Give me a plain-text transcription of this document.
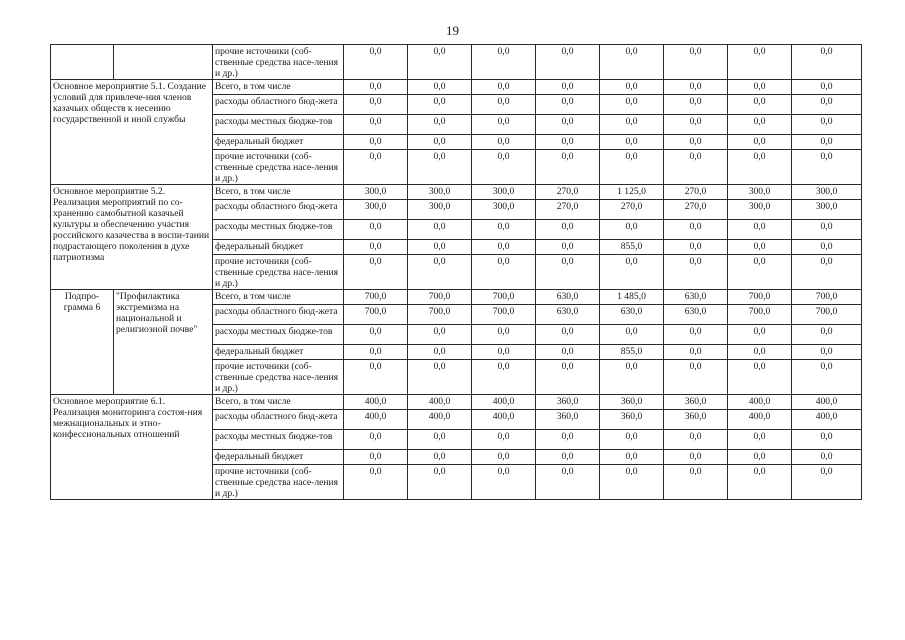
19
		прочие источники (соб-ственные средства насе-ления и др.)	0,0	0,0	0,0	0,0	0,0	0,0	0,0	0,0
Основное мероприятие 5.1. Создание условий для привлече-ния членов казачьих обществ к несению государственной и иной службы		Всего, в том числе	0,0	0,0	0,0	0,0	0,0	0,0	0,0	0,0
		расходы областного бюд-жета	0,0	0,0	0,0	0,0	0,0	0,0	0,0	0,0
		расходы местных бюдже-тов	0,0	0,0	0,0	0,0	0,0	0,0	0,0	0,0
		федеральный бюджет	0,0	0,0	0,0	0,0	0,0	0,0	0,0	0,0
		прочие источники (соб-ственные средства насе-ления и др.)	0,0	0,0	0,0	0,0	0,0	0,0	0,0	0,0
Основное мероприятие 5.2. Реализация мероприятий по со-хранению самобытной казачьей культуры и обеспечению участия российского казачества в воспи-тании подрастающего поколения в духе патриотизма		Всего, в том числе	300,0	300,0	300,0	270,0	1 125,0	270,0	300,0	300,0
		расходы областного бюд-жета	300,0	300,0	300,0	270,0	270,0	270,0	300,0	300,0
		расходы местных бюдже-тов	0,0	0,0	0,0	0,0	0,0	0,0	0,0	0,0
		федеральный бюджет	0,0	0,0	0,0	0,0	855,0	0,0	0,0	0,0
		прочие источники (соб-ственные средства насе-ления и др.)	0,0	0,0	0,0	0,0	0,0	0,0	0,0	0,0
Подпро-грамма 6	"Профилактика экстремизма на национальной и религиозной почве"	Всего, в том числе	700,0	700,0	700,0	630,0	1 485,0	630,0	700,0	700,0
		расходы областного бюд-жета	700,0	700,0	700,0	630,0	630,0	630,0	700,0	700,0
		расходы местных бюдже-тов	0,0	0,0	0,0	0,0	0,0	0,0	0,0	0,0
		федеральный бюджет	0,0	0,0	0,0	0,0	855,0	0,0	0,0	0,0
		прочие источники (соб-ственные средства насе-ления и др.)	0,0	0,0	0,0	0,0	0,0	0,0	0,0	0,0
Основное мероприятие 6.1. Реализация мониторинга состоя-ния межнациональных и этно-конфессиональных отношений		Всего, в том числе	400,0	400,0	400,0	360,0	360,0	360,0	400,0	400,0
		расходы областного бюд-жета	400,0	400,0	400,0	360,0	360,0	360,0	400,0	400,0
		расходы местных бюдже-тов	0,0	0,0	0,0	0,0	0,0	0,0	0,0	0,0
		федеральный бюджет	0,0	0,0	0,0	0,0	0,0	0,0	0,0	0,0
		прочие источники (соб-ственные средства насе-ления и др.)	0,0	0,0	0,0	0,0	0,0	0,0	0,0	0,0
